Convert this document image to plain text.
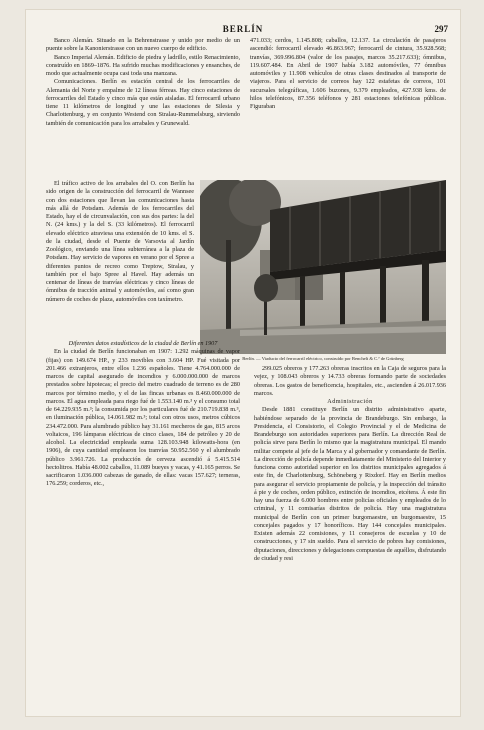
BERLÍN	297

Banco Alemán. Situado en la Behrenstrasse y unido por medio de un puente sobre la Kanonierstrasse con un nuevo cuerpo de edificio.

Banco Imperial Alemán. Edificio de piedra y ladrillo, estilo Renacimiento, construído en 1869–1876. Ha sufrido muchas modificaciones y ensanches, de modo que actualmente ocupa casi toda una manzana.

Comunicaciones. Berlín es estación central de los ferrocarriles de Alemania del Norte y empalme de 12 líneas férreas. Hay cinco estaciones de ferrocarriles del Estado y cinco más que están aisladas. El ferrocarril urbano tiene 11 kilómetros de longitud y une las estaciones de Silesia y Charlottenburg, y en conjunto Westend con Stralau-Rummelsburg, sirviendo también de comunicación para los arrabales y Grunewald.

471.033; cerdos, 1.145.808; caballos, 12.137. La circulación de pasajeros ascendió: ferrocarril elevado 46.863.967; ferrocarril de cintura, 35.928.568; tranvías, 369.996.804 (valor de los pasajes, marcos 35.217.633); ómnibus, 119.607.484. En Abril de 1907 había 3.182 automóviles, 77 ómnibus automóviles y 11.908 vehículos de otras clases destinados al transporte de viajeros. Para el servicio de correos hay 122 estafetas de correos, 101 sucursales telegráficas, 1.606 buzones, 9.379 empleados, 427.938 kms. de hilos telefónicos, 87.356 teléfonos y 281 estaciones telefónicas públicas. Figuraban

El tráfico activo de los arrabales del O. con Berlín ha sido origen de la construcción del ferrocarril de Wannsee con dos estaciones que llevan las comunicaciones hasta más allá de Potsdam. Además de los ferrocarriles del Estado, hay el de circunvalación, con sus dos partes: la del N. (24 kms.) y la del S. (33 kilómetros). El ferrocarril elevado eléctrico atraviesa una extensión de 10 kms. el S. de la ciudad, desde el Puente de Varsovia al Jardín Zoológico, enviando una línea subterránea a la plaza de Potsdam. Hay servicio de vapores en verano por el Spree a diferentes puntos de recreo como Treptow, Stralau, y también por el bajo Spree al Havel. Hay además un centenar de líneas de tranvías eléctricas y cinco líneas de ómnibus de tracción animal y automóviles, así como gran número de coches de plaza, automóviles con taxímetro.

Berlín. — Viaducto del ferrocarril eléctrico, construído por Benchelt & C.ª de Grünberg

Diferentes datos estadísticos de la ciudad de Berlín en 1907

En la ciudad de Berlín funcionaban en 1907: 1.292 máquinas de vapor (fijas) con 149.674 HP., y 233 movibles con 3.604 HP. Fué visitada por 201.466 extranjeros, entre ellos 1.236 españoles. Tiene 4.764.000.000 de marcos de capital asegurado de incendios y 6.000.000.000 de marcos prestados sobre hipotecas; el precio del metro cuadrado de terreno es de 280 marcos por término medio, y el de las fincas urbanas es 8.460.000.000 de marcos. El agua empleada para riego fué de 1.553.140 m.³ y el consumo total de 64.229.935 m.³; la consumida por los particulares fué de 210.719.838 m.³, en iluminación pública, 14.061.982 m.³; total con otros usos, metros cúbicos 234.472.000. Para alumbrado público hay 31.161 mecheros de gas, 815 arcos voltaicos, 196 lámparas eléctricas de cinco clases, 184 de petróleo y 20 de alcohol. La electricidad empleada suma 128.103.948 kilowatts-hora (en 1906), de cuya cantidad emplearon los tranvías 50.952.560 y el alumbrado público 3.961.726. La producción de cerveza ascendió á 5.415.514 hectolitros. Había 48.002 caballos, 11.089 bueyes y vacas, y 41.165 perros. Se sacrificaron 1.036.000 cabezas de ganado, de ellas: vacas 157.627; terneras, 176.259; corderos, etc.,

299.025 obreros y 177.263 obreras inscritos en la Caja de seguros para la vejez, y 108.043 obreros y 14.733 obreras formando parte de sociedades obreras. Los gastos de beneficencia, hospitales, etc., ascienden á 26.017.936 marcos.

Administración

Desde 1881 constituye Berlín un distrito administrativo aparte, habiéndose separado de la provincia de Brandeburgo. Sin embargo, la Presidencia, el Consistorio, el Colegio Provincial y el de Medicina de Brandeburgo son autoridades superiores para Berlín. La dirección Real de policía sirve para Berlín lo mismo que la magistratura municipal. El mando militar compete al jefe de la Marca y al gobernador y comandante de Berlín. La dirección de policía depende inmediatamente del Ministerio del Interior y funciona como autoridad superior en los distritos municipales agregados á este fin, de Charlottenburg, Schöneberg y Rixdorf. Hay en Berlín medios para asegurar el servicio propiamente de policía, y la inspección del tránsito á pie y de coches, orden público, extinción de incendios, etcétera. Á este fin hay una fuerza de 6.000 hombres entre policías oficiales y empleados de lo criminal, y 11 comisarías distritos de policía. Hay una magistratura municipal de Berlín con un primer burgomaestre, un burgomaestre, 15 concejales pagados y 17 honoríficos. Hay 144 concejales municipales. Existen además 22 comisiones, y 11 consejeros de escuelas y 10 de construcciones, y 17 sin sueldo. Para el servicio de pobres hay comisiones, diputaciones, direcciones y delegaciones compuestas de aquéllos, disfrutando de ciudad y resi
